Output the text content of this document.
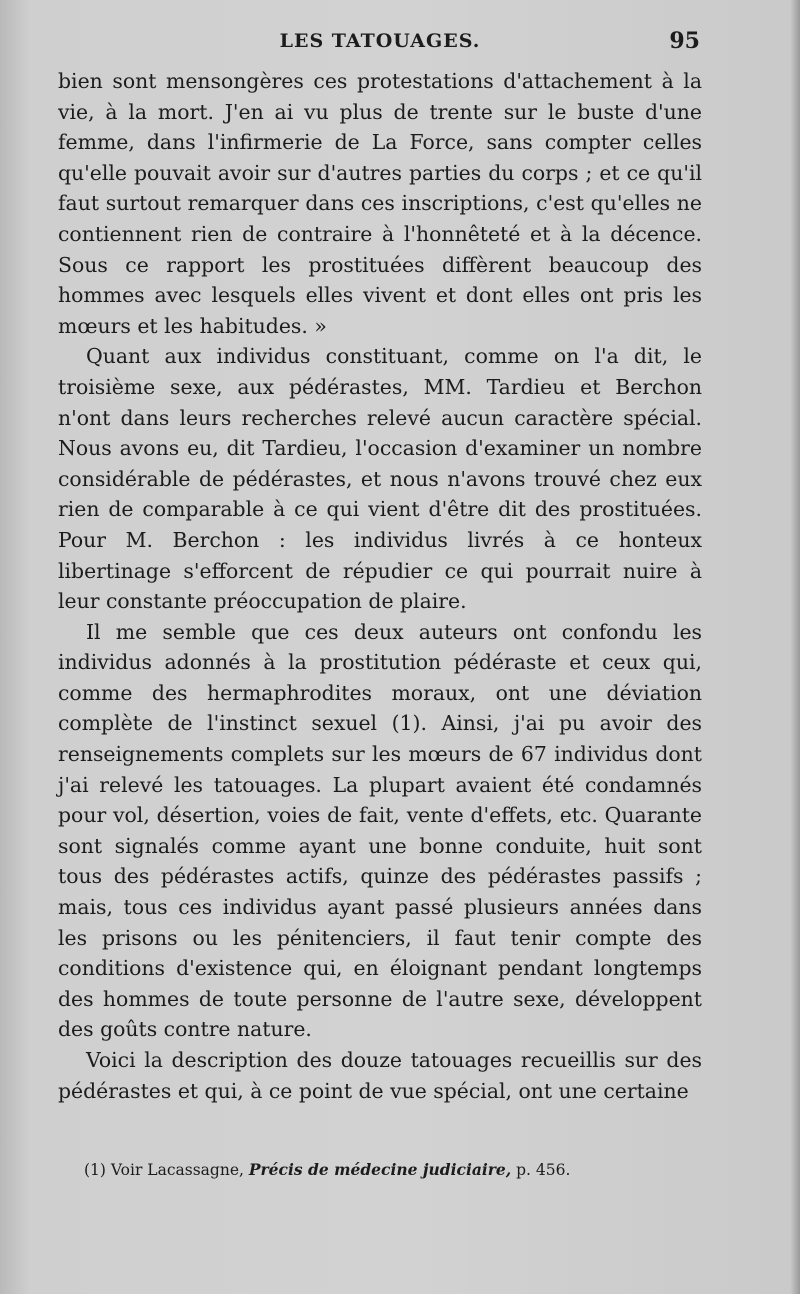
LES TATOUAGES.	95

bien sont mensongères ces protestations d'attachement à la vie, à la mort. J'en ai vu plus de trente sur le buste d'une femme, dans l'infirmerie de La Force, sans compter celles qu'elle pouvait avoir sur d'autres parties du corps ; et ce qu'il faut surtout remarquer dans ces inscriptions, c'est qu'elles ne contiennent rien de contraire à l'honnêteté et à la décence. Sous ce rapport les prostituées diffèrent beaucoup des hommes avec lesquels elles vivent et dont elles ont pris les mœurs et les habitudes. »

Quant aux individus constituant, comme on l'a dit, le troisième sexe, aux pédérastes, MM. Tardieu et Berchon n'ont dans leurs recherches relevé aucun caractère spécial. Nous avons eu, dit Tardieu, l'occasion d'examiner un nombre considérable de pédérastes, et nous n'avons trouvé chez eux rien de comparable à ce qui vient d'être dit des prostituées. Pour M. Berchon : les individus livrés à ce honteux libertinage s'efforcent de répudier ce qui pourrait nuire à leur constante préoccupation de plaire.

Il me semble que ces deux auteurs ont confondu les individus adonnés à la prostitution pédéraste et ceux qui, comme des hermaphrodites moraux, ont une déviation complète de l'instinct sexuel (1). Ainsi, j'ai pu avoir des renseignements complets sur les mœurs de 67 individus dont j'ai relevé les tatouages. La plupart avaient été condamnés pour vol, désertion, voies de fait, vente d'effets, etc. Quarante sont signalés comme ayant une bonne conduite, huit sont tous des pédérastes actifs, quinze des pédérastes passifs ; mais, tous ces individus ayant passé plusieurs années dans les prisons ou les pénitenciers, il faut tenir compte des conditions d'existence qui, en éloignant pendant longtemps des hommes de toute personne de l'autre sexe, développent des goûts contre nature.

Voici la description des douze tatouages recueillis sur des pédérastes et qui, à ce point de vue spécial, ont une certaine

(1) Voir Lacassagne, Précis de médecine judiciaire, p. 456.
